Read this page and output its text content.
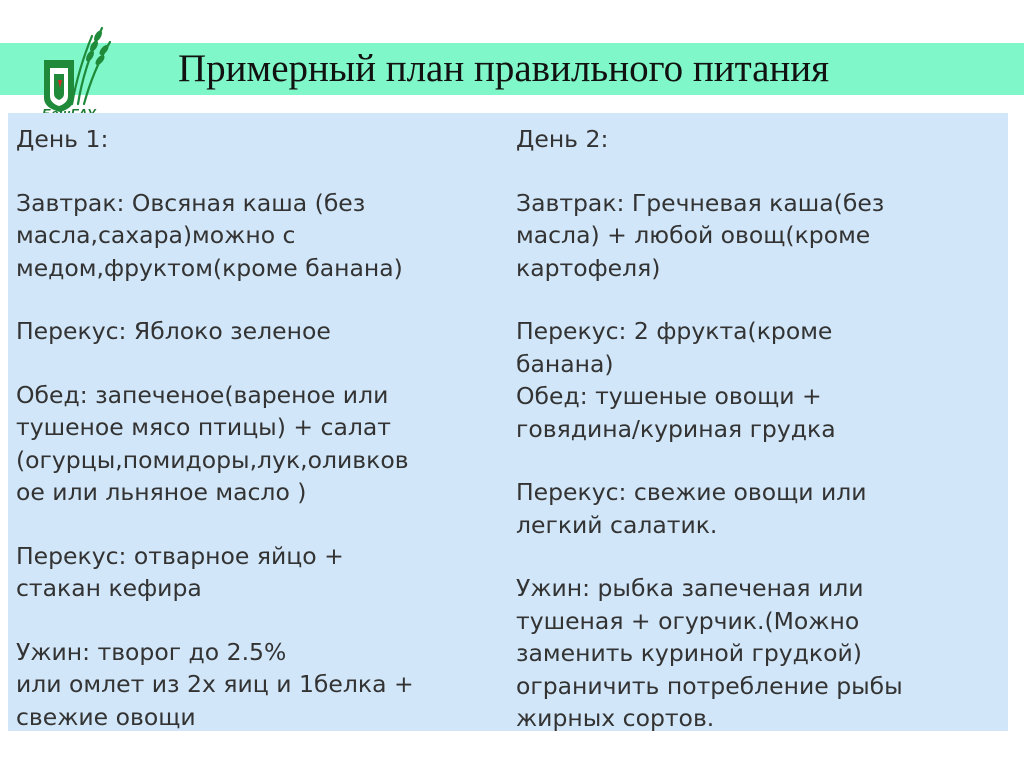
Примерный план правильного питания
День 1:
Завтрак: Овсяная каша (без
масла,сахара)можно с
медом,фруктом(кроме банана)
Перекус: Яблоко зеленое
Обед: запеченое(вареное или
тушеное мясо птицы) + салат
(огурцы,помидоры,лук,оливков
ое или льняное масло )
Перекус: отварное яйцо +
стакан кефира
Ужин: творог до 2.5%
или омлет из 2х яиц и 1белка +
свежие овощи
День 2:
Завтрак: Гречневая каша(без
масла) + любой овощ(кроме
картофеля)
Перекус: 2 фрукта(кроме
банана)
Обед: тушеные овощи +
говядина/куриная грудка
Перекус: свежие овощи или
легкий салатик.
Ужин: рыбка запеченая или
тушеная + огурчик.(Можно
заменить куриной грудкой)
ограничить потребление рыбы
жирных сортов.
